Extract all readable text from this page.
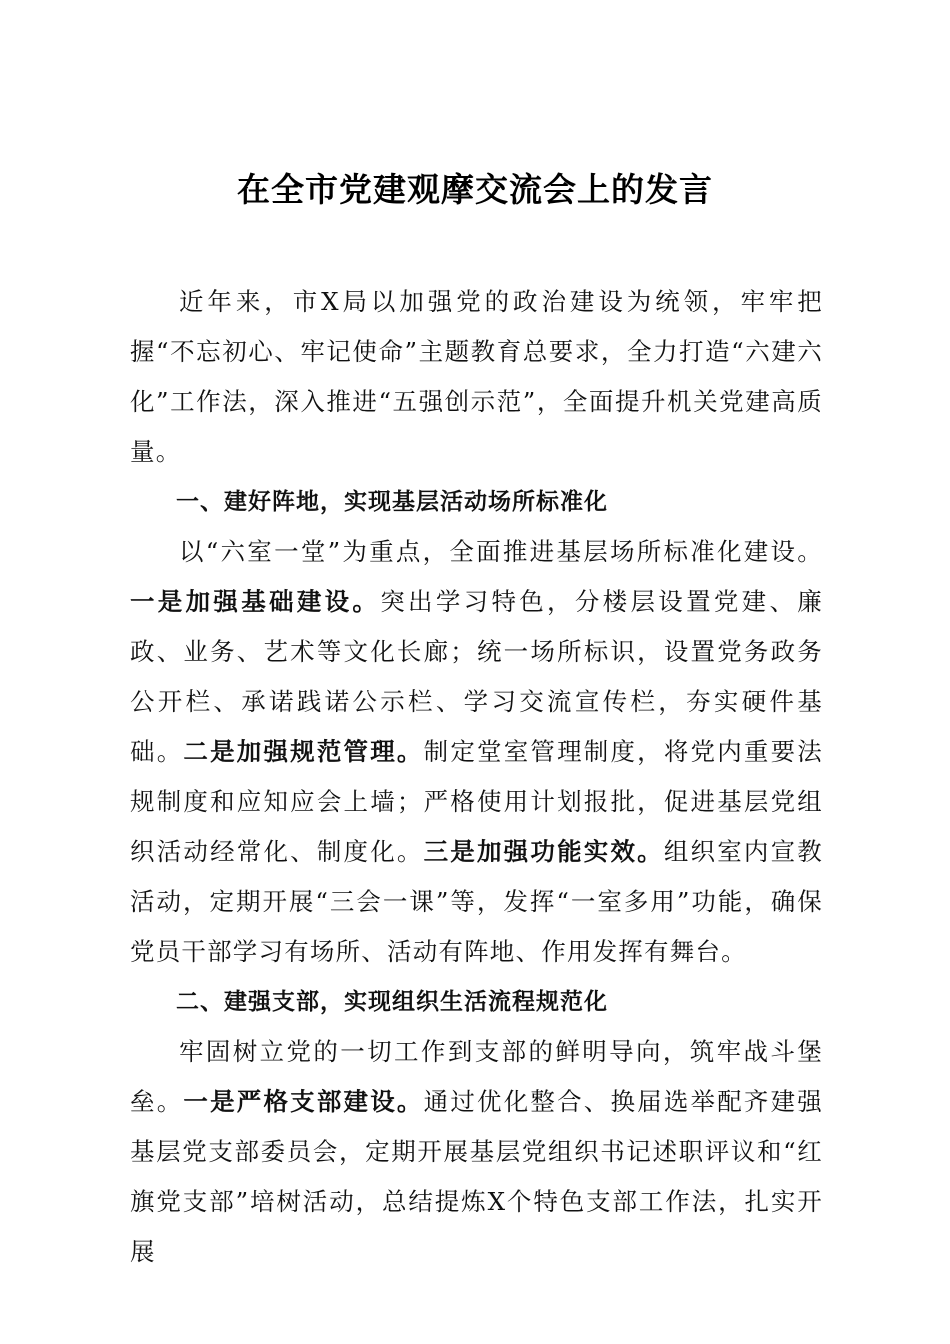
在全市党建观摩交流会上的发言

近年来，市X局以加强党的政治建设为统领，牢牢把握“不忘初心、牢记使命”主题教育总要求，全力打造“六建六化”工作法，深入推进“五强创示范”，全面提升机关党建高质量。

一、建好阵地，实现基层活动场所标准化

以“六室一堂”为重点，全面推进基层场所标准化建设。一是加强基础建设。突出学习特色，分楼层设置党建、廉政、业务、艺术等文化长廊；统一场所标识，设置党务政务公开栏、承诺践诺公示栏、学习交流宣传栏，夯实硬件基础。二是加强规范管理。制定堂室管理制度，将党内重要法规制度和应知应会上墙；严格使用计划报批，促进基层党组织活动经常化、制度化。三是加强功能实效。组织室内宣教活动，定期开展“三会一课”等，发挥“一室多用”功能，确保党员干部学习有场所、活动有阵地、作用发挥有舞台。

二、建强支部，实现组织生活流程规范化

牢固树立党的一切工作到支部的鲜明导向，筑牢战斗堡垒。一是严格支部建设。通过优化整合、换届选举配齐建强基层党支部委员会，定期开展基层党组织书记述职评议和“红旗党支部”培树活动，总结提炼X个特色支部工作法，扎实开展
